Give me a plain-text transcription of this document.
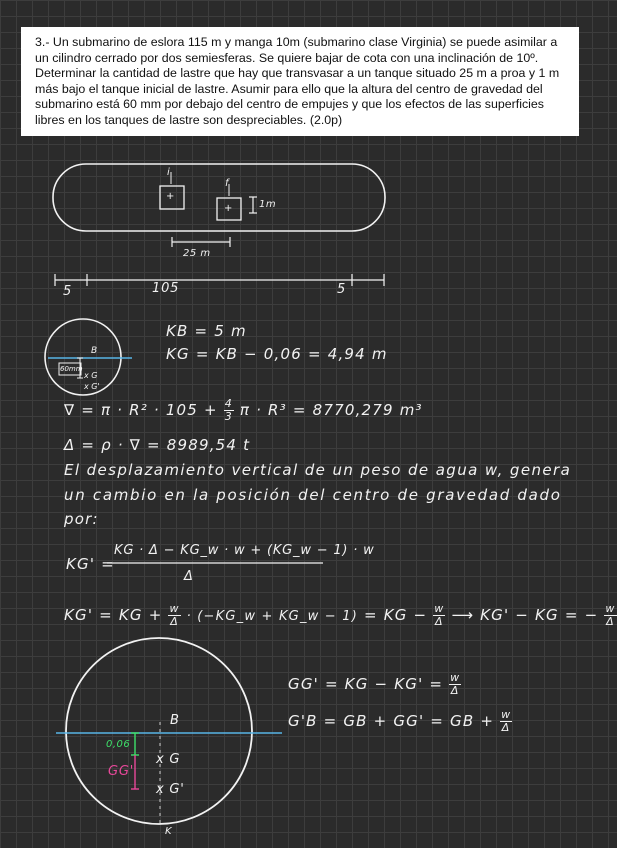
3.- Un submarino de eslora 115 m y manga 10m (submarino clase Virginia) se puede asimilar a un cilindro cerrado por dos semiesferas. Se quiere bajar de cota con una inclinación de 10º. Determinar la cantidad de lastre que hay que transvasar a un tanque situado 25 m a proa y 1 m más bajo el tanque inicial de lastre. Asumir para ello que la altura del centro de gravedad del submarino está 60 mm por debajo del centro de empujes y que los efectos de las superficies libres en los tanques de lastre son despreciables. (2.0p)
i
+
f
+	1m
25 m
5	105	5
B
x G
x G'
60mm
KB = 5 m
KG = KB − 0,06 = 4,94 m
∇ = $\pi \cdot R^2 \cdot 105 + \frac{4}{3}$ π · R³ = 8770,279 m³
Δ = ρ · ∇ = 8989,54 t
El desplazamiento vertical de un peso de agua w, genera
un cambio en la posición del centro de gravedad dado
por:
KG' =
KG · Δ − KG_w · w + (KG_w − 1) · w
Δ
KG' = KG + $\frac{w}{\Delta}$ · (−KG_w + KG_w − 1) = KG − $\frac{w}{\Delta}$ ⟶ KG' − KG = − $\frac{w}{\Delta}$
GG' = KG − $KG' = \frac{w}{\Delta}$
G'B = GB + GG' = GB + $\frac{w}{\Delta}$
B
x G
x G'
K
0,06
GG'
